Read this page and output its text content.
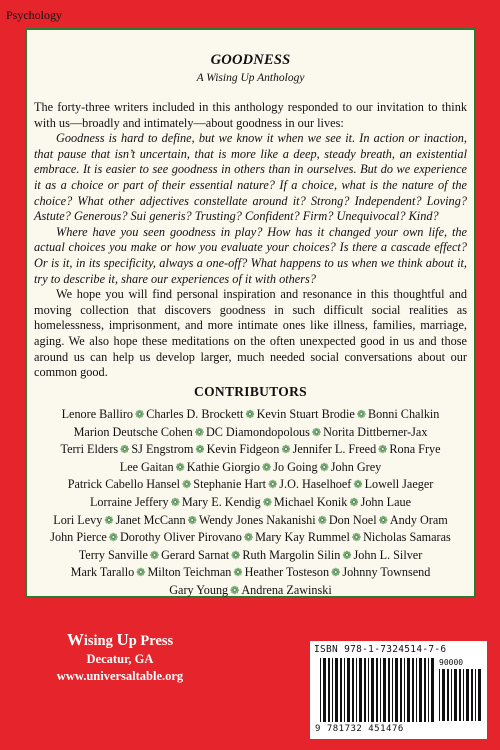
Psychology
GOODNESS
A Wising Up Anthology

The forty-three writers included in this anthology responded to our invitation to think with us—broadly and intimately—about goodness in our lives:

Goodness is hard to define, but we know it when we see it. In action or inaction, that pause that isn’t uncertain, that is more like a deep, steady breath, an existential embrace. It is easier to see goodness in others than in ourselves. But do we experience it as a choice or part of their essential nature? If a choice, what is the nature of the choice? What other adjectives constellate around it? Strong? Independent? Loving? Astute? Generous? Sui generis? Trusting? Confident? Firm? Unequivocal? Kind?

Where have you seen goodness in play? How has it changed your own life, the actual choices you make or how you evaluate your choices? Is there a cascade effect? Or is it, in its specificity, always a one-off? What happens to us when we think about it, try to describe it, share our experiences of it with others?

We hope you will find personal inspiration and resonance in this thoughtful and moving collection that discovers goodness in such difficult social realities as homelessness, imprisonment, and more intimate ones like illness, families, marriage, aging. We also hope these meditations on the often unexpected good in us and those around us can help us develop larger, much needed social conversations about our common good.

CONTRIBUTORS
Lenore Balliro ❁ Charles D. Brockett ❁ Kevin Stuart Brodie ❁ Bonni Chalkin
Marion Deutsche Cohen ❁ DC Diamondopolous ❁ Norita Dittberner-Jax
Terri Elders ❁ SJ Engstrom ❁ Kevin Fidgeon ❁ Jennifer L. Freed ❁ Rona Frye
Lee Gaitan ❁ Kathie Giorgio ❁ Jo Going ❁ John Grey
Patrick Cabello Hansel ❁ Stephanie Hart ❁ J.O. Haselhoef ❁ Lowell Jaeger
Lorraine Jeffery ❁ Mary E. Kendig ❁ Michael Konik ❁ John Laue
Lori Levy ❁ Janet McCann ❁ Wendy Jones Nakanishi ❁ Don Noel ❁ Andy Oram
John Pierce ❁ Dorothy Oliver Pirovano ❁ Mary Kay Rummel ❁ Nicholas Samaras
Terry Sanville ❁ Gerard Sarnat ❁ Ruth Margolin Silin ❁ John L. Silver
Mark Tarallo ❁ Milton Teichman ❁ Heather Tosteson ❁ Johnny Townsend
Gary Young ❁ Andrena Zawinski
Wising Up Press
Decatur, GA
www.universaltable.org
ISBN 978-1-7324514-7-6
90000
9 781732 451476
